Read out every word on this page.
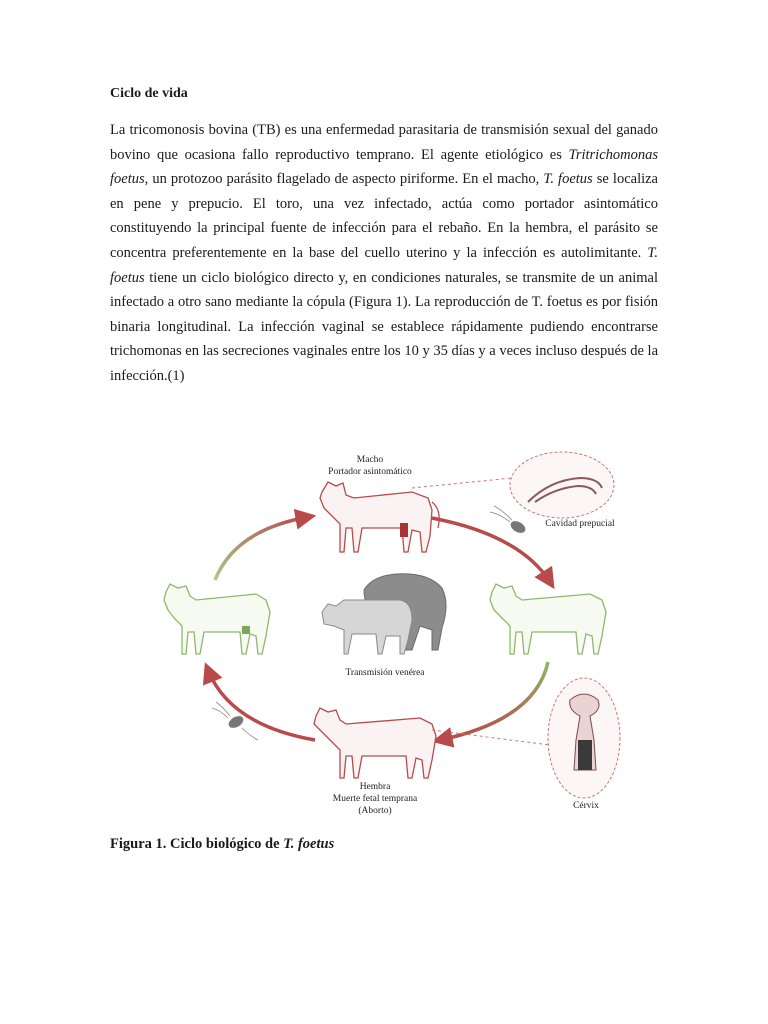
Ciclo de vida

La tricomonosis bovina (TB) es una enfermedad parasitaria de transmisión sexual del ganado bovino que ocasiona fallo reproductivo temprano. El agente etiológico es Tritrichomonas foetus, un protozoo parásito flagelado de aspecto piriforme. En el macho, T. foetus se localiza en pene y prepucio. El toro, una vez infectado, actúa como portador asintomático constituyendo la principal fuente de infección para el rebaño. En la hembra, el parásito se concentra preferentemente en la base del cuello uterino y la infección es autolimitante. T. foetus tiene un ciclo biológico directo y, en condiciones naturales, se transmite de un animal infectado a otro sano mediante la cópula (Figura 1). La reproducción de T. foetus es por fisión binaria longitudinal. La infección vaginal se establece rápidamente pudiendo encontrarse trichomonas en las secreciones vaginales entre los 10 y 35 días y a veces incluso después de la infección.(1)

Macho
Portador asintomático
Cavidad prepucial
Transmisión venérea
Hembra
Muerte fetal temprana
(Aborto)	Cérvix

Figura 1. Ciclo biológico de T. foetus
